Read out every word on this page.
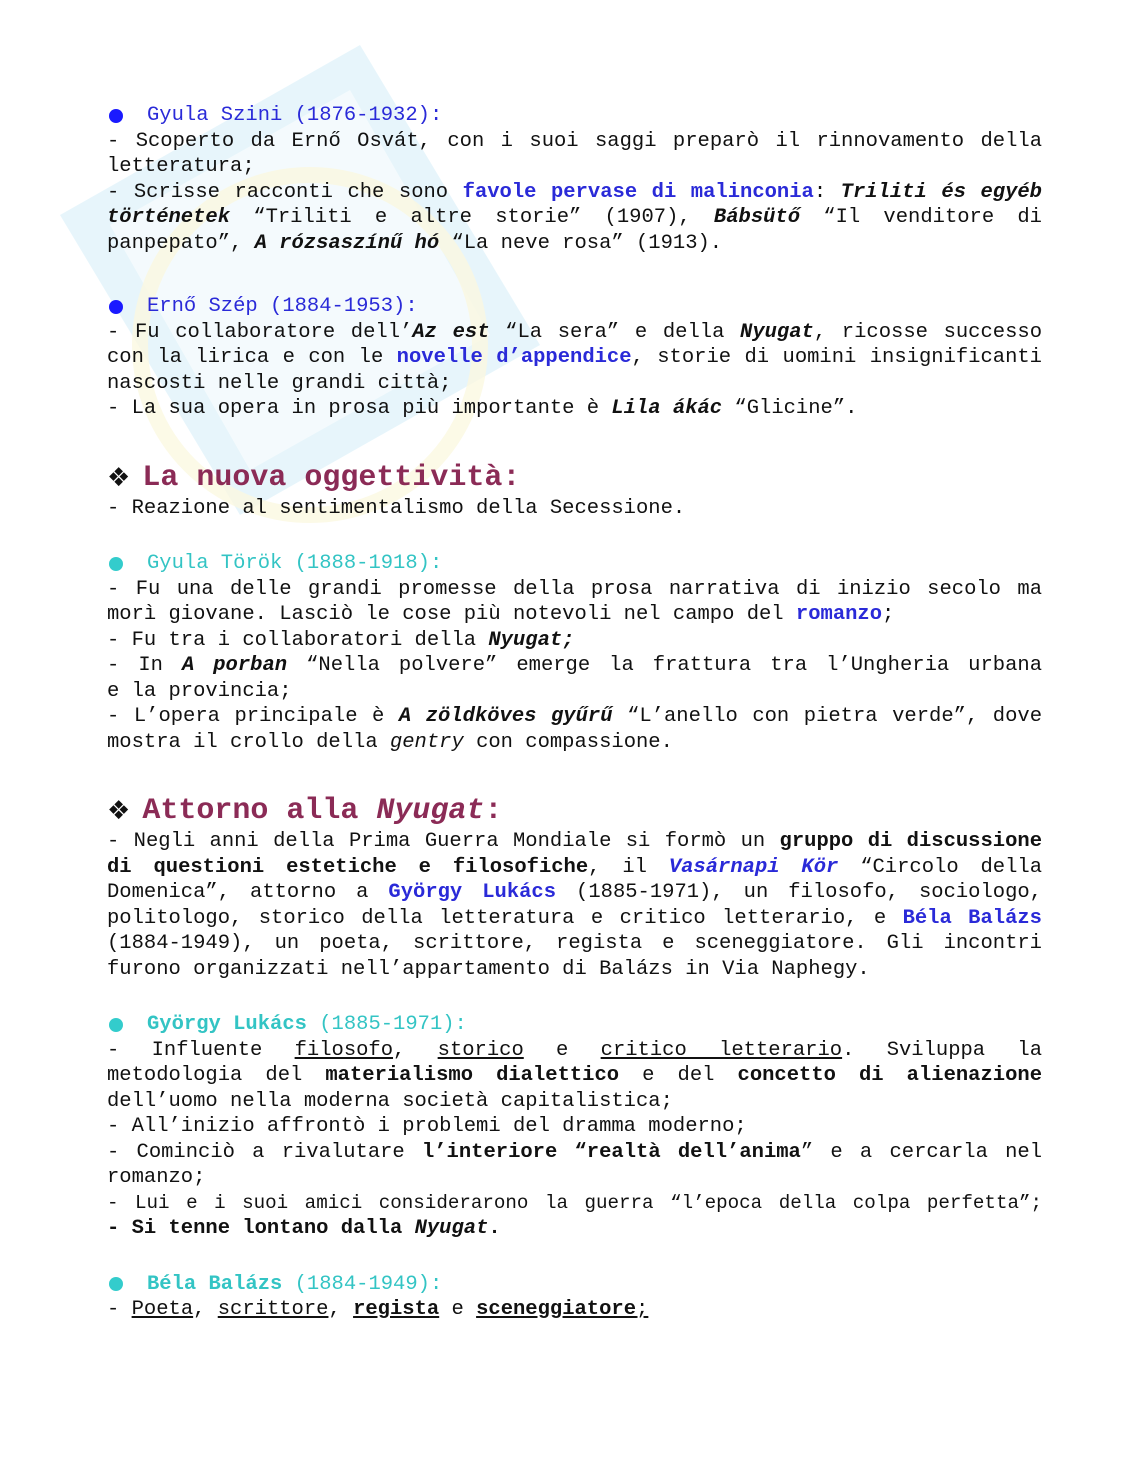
Gyula Szini (1876-1932):
- Scoperto da Ernő Osvát, con i suoi saggi preparò il rinnovamento della
letteratura;
- Scrisse racconti che sono favole pervase di malinconia: Triliti és egyéb
történetek “Triliti e altre storie” (1907), Bábsütő “Il venditore di
panpepato”, A rózsaszínű hó “La neve rosa” (1913).
Ernő Szép (1884-1953):
- Fu collaboratore dell’Az est “La sera” e della Nyugat, ricosse successo
con la lirica e con le novelle d’appendice, storie di uomini insignificanti
nascosti nelle grandi città;
- La sua opera in prosa più importante è Lila ákác “Glicine”.
❖ La nuova oggettività:
- Reazione al sentimentalismo della Secessione.
Gyula Török (1888-1918):
- Fu una delle grandi promesse della prosa narrativa di inizio secolo ma
morì giovane. Lasciò le cose più notevoli nel campo del romanzo;
- Fu tra i collaboratori della Nyugat;
- In A porban “Nella polvere” emerge la frattura tra l’Ungheria urbana
e la provincia;
- L’opera principale è A zöldköves gyűrű “L’anello con pietra verde”, dove
mostra il crollo della gentry con compassione.
❖ Attorno alla Nyugat :
- Negli anni della Prima Guerra Mondiale si formò un gruppo di discussione
di questioni estetiche e filosofiche, il Vasárnapi Kör “Circolo della
Domenica”, attorno a György Lukács (1885-1971), un filosofo, sociologo,
politologo, storico della letteratura e critico letterario, e Béla Balázs
(1884-1949), un poeta, scrittore, regista e sceneggiatore. Gli incontri
furono organizzati nell’appartamento di Balázs in Via Naphegy.
György Lukács (1885-1971):
- Influente filosofo, storico e critico letterario. Sviluppa la
metodologia del materialismo dialettico e del concetto di alienazione
dell’uomo nella moderna società capitalistica;
- All’inizio affrontò i problemi del dramma moderno;
- Cominciò a rivalutare l’interiore “realtà dell’anima” e a cercarla nel
romanzo;
- Lui e i suoi amici considerarono la guerra “l’epoca della colpa perfetta”;
- Si tenne lontano dalla Nyugat.
Béla Balázs (1884-1949):
- Poeta, scrittore, regista e sceneggiatore;
